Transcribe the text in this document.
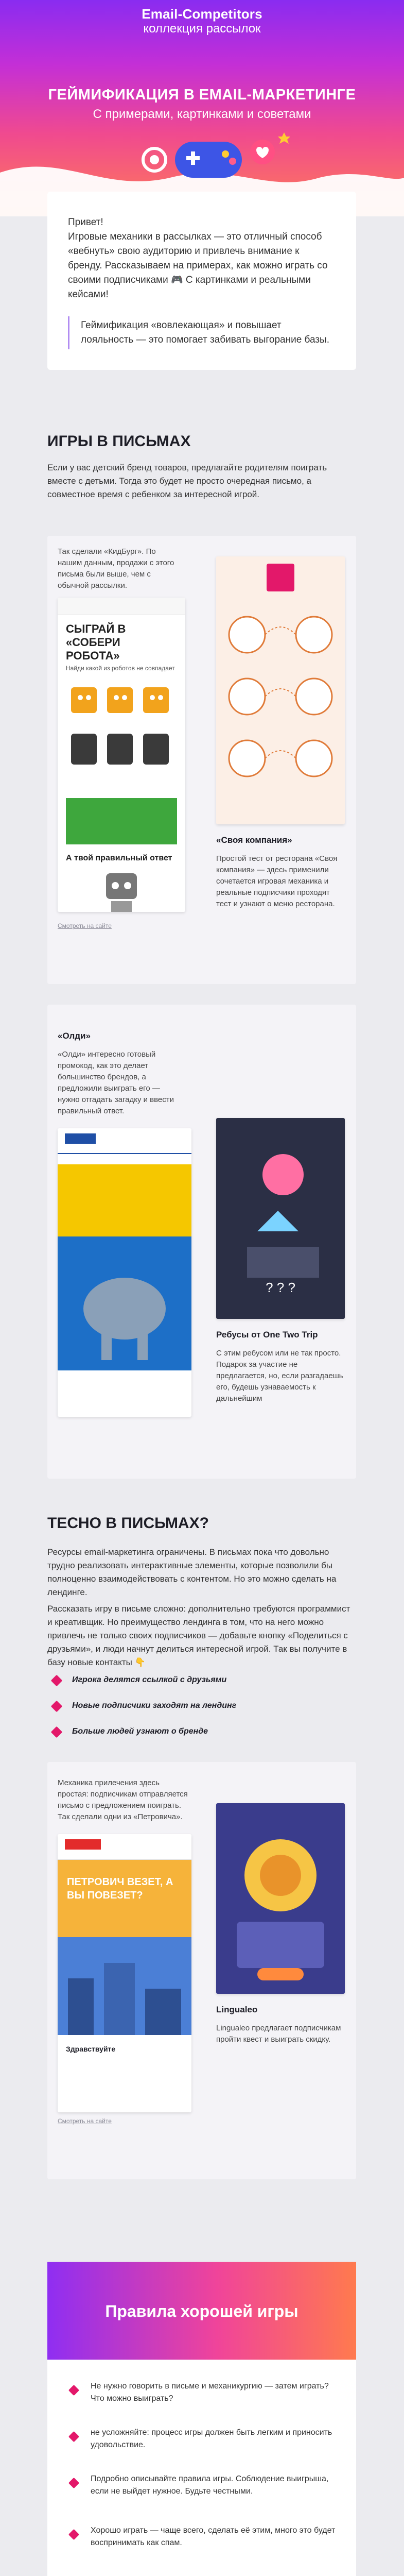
Email-Competitors
коллекция рассылок
ГЕЙМИФИКАЦИЯ В EMAIL-МАРКЕТИНГЕ
С примерами, картинками и советами

Привет!

Игровые механики в рассылках — это отличный способ «вебнуть» свою аудиторию и привлечь внимание к бренду. Рассказываем на примерах, как можно играть со своими подписчиками 🎮 С картинками и реальными кейсами!

Геймификация «вовлекающая» и повышает лояльность — это помогает забивать выгорание базы.
ИГРЫ В ПИСЬМАХ
Если у вас детский бренд товаров, предлагайте родителям поиграть вместе с детьми. Тогда это будет не просто очередная письмо, а совместное время с ребенком за интересной игрой.
Так сделали «КидБург». По нашим данным, продажи с этого письма были выше, чем с обычной рассылки.
СЫГРАЙ В «СОБЕРИ РОБОТА»
Найди какой из роботов не совпадает
А твой правильный ответ
Смотреть на сайте
«Своя компания»
Простой тест от ресторана «Своя компания» — здесь применили сочетается игровая механика и реальные подписчики проходят тест и узнают о меню ресторана.
«Олди»
«Олди» интересно готовый промокод, как это делает большинство брендов, а предложили выиграть его — нужно отгадать загадку и ввести правильный ответ.
? ? ?
Ребусы от One Two Trip
С этим ребусом или не так просто. Подарок за участие не предлагается, но, если разгадаешь его, будешь узнаваемость к дальнейшим
ТЕСНО В ПИСЬМАХ?
Ресурсы email-маркетинга ограничены. В письмах пока что довольно трудно реализовать интерактивные элементы, которые позволили бы полноценно взаимодействовать с контентом. Но это можно сделать на лендинге.
Рассказать игру в письме сложно: дополнительно требуются программист и креативщик. Но преимущество лендинга в том, что на него можно привлечь не только своих подписчиков — добавьте кнопку «Поделиться с друзьями», и люди начнут делиться интересной игрой. Так вы получите в базу новые контакты 👇
Игрока делятся ссылкой с друзьями
Новые подписчики заходят на лендинг
Больше людей узнают о бренде
Механика прилечения здесь простая: подписчикам отправляется письмо с предложением поиграть. Так сделали одни из «Петровича».
ПЕТРОВИЧ ВЕЗЕТ, А ВЫ ПОВЕЗЕТ?
Здравствуйте
Смотреть на сайте
Lingualeo
Lingualeo предлагает подписчикам пройти квест и выиграть скидку.
Правила хорошей игры

Не нужно говорить в письме и механикургию — затем играть? Что можно выиграть?

не усложняйте: процесс игры должен быть легким и приносить удовольствие.

Подробно описывайте правила игры. Соблюдение выигрыша, если не выйдет нужное. Будьте честными.

Хорошо играть — чаще всего, сделать её этим, много это будет воспринимать как спам.
